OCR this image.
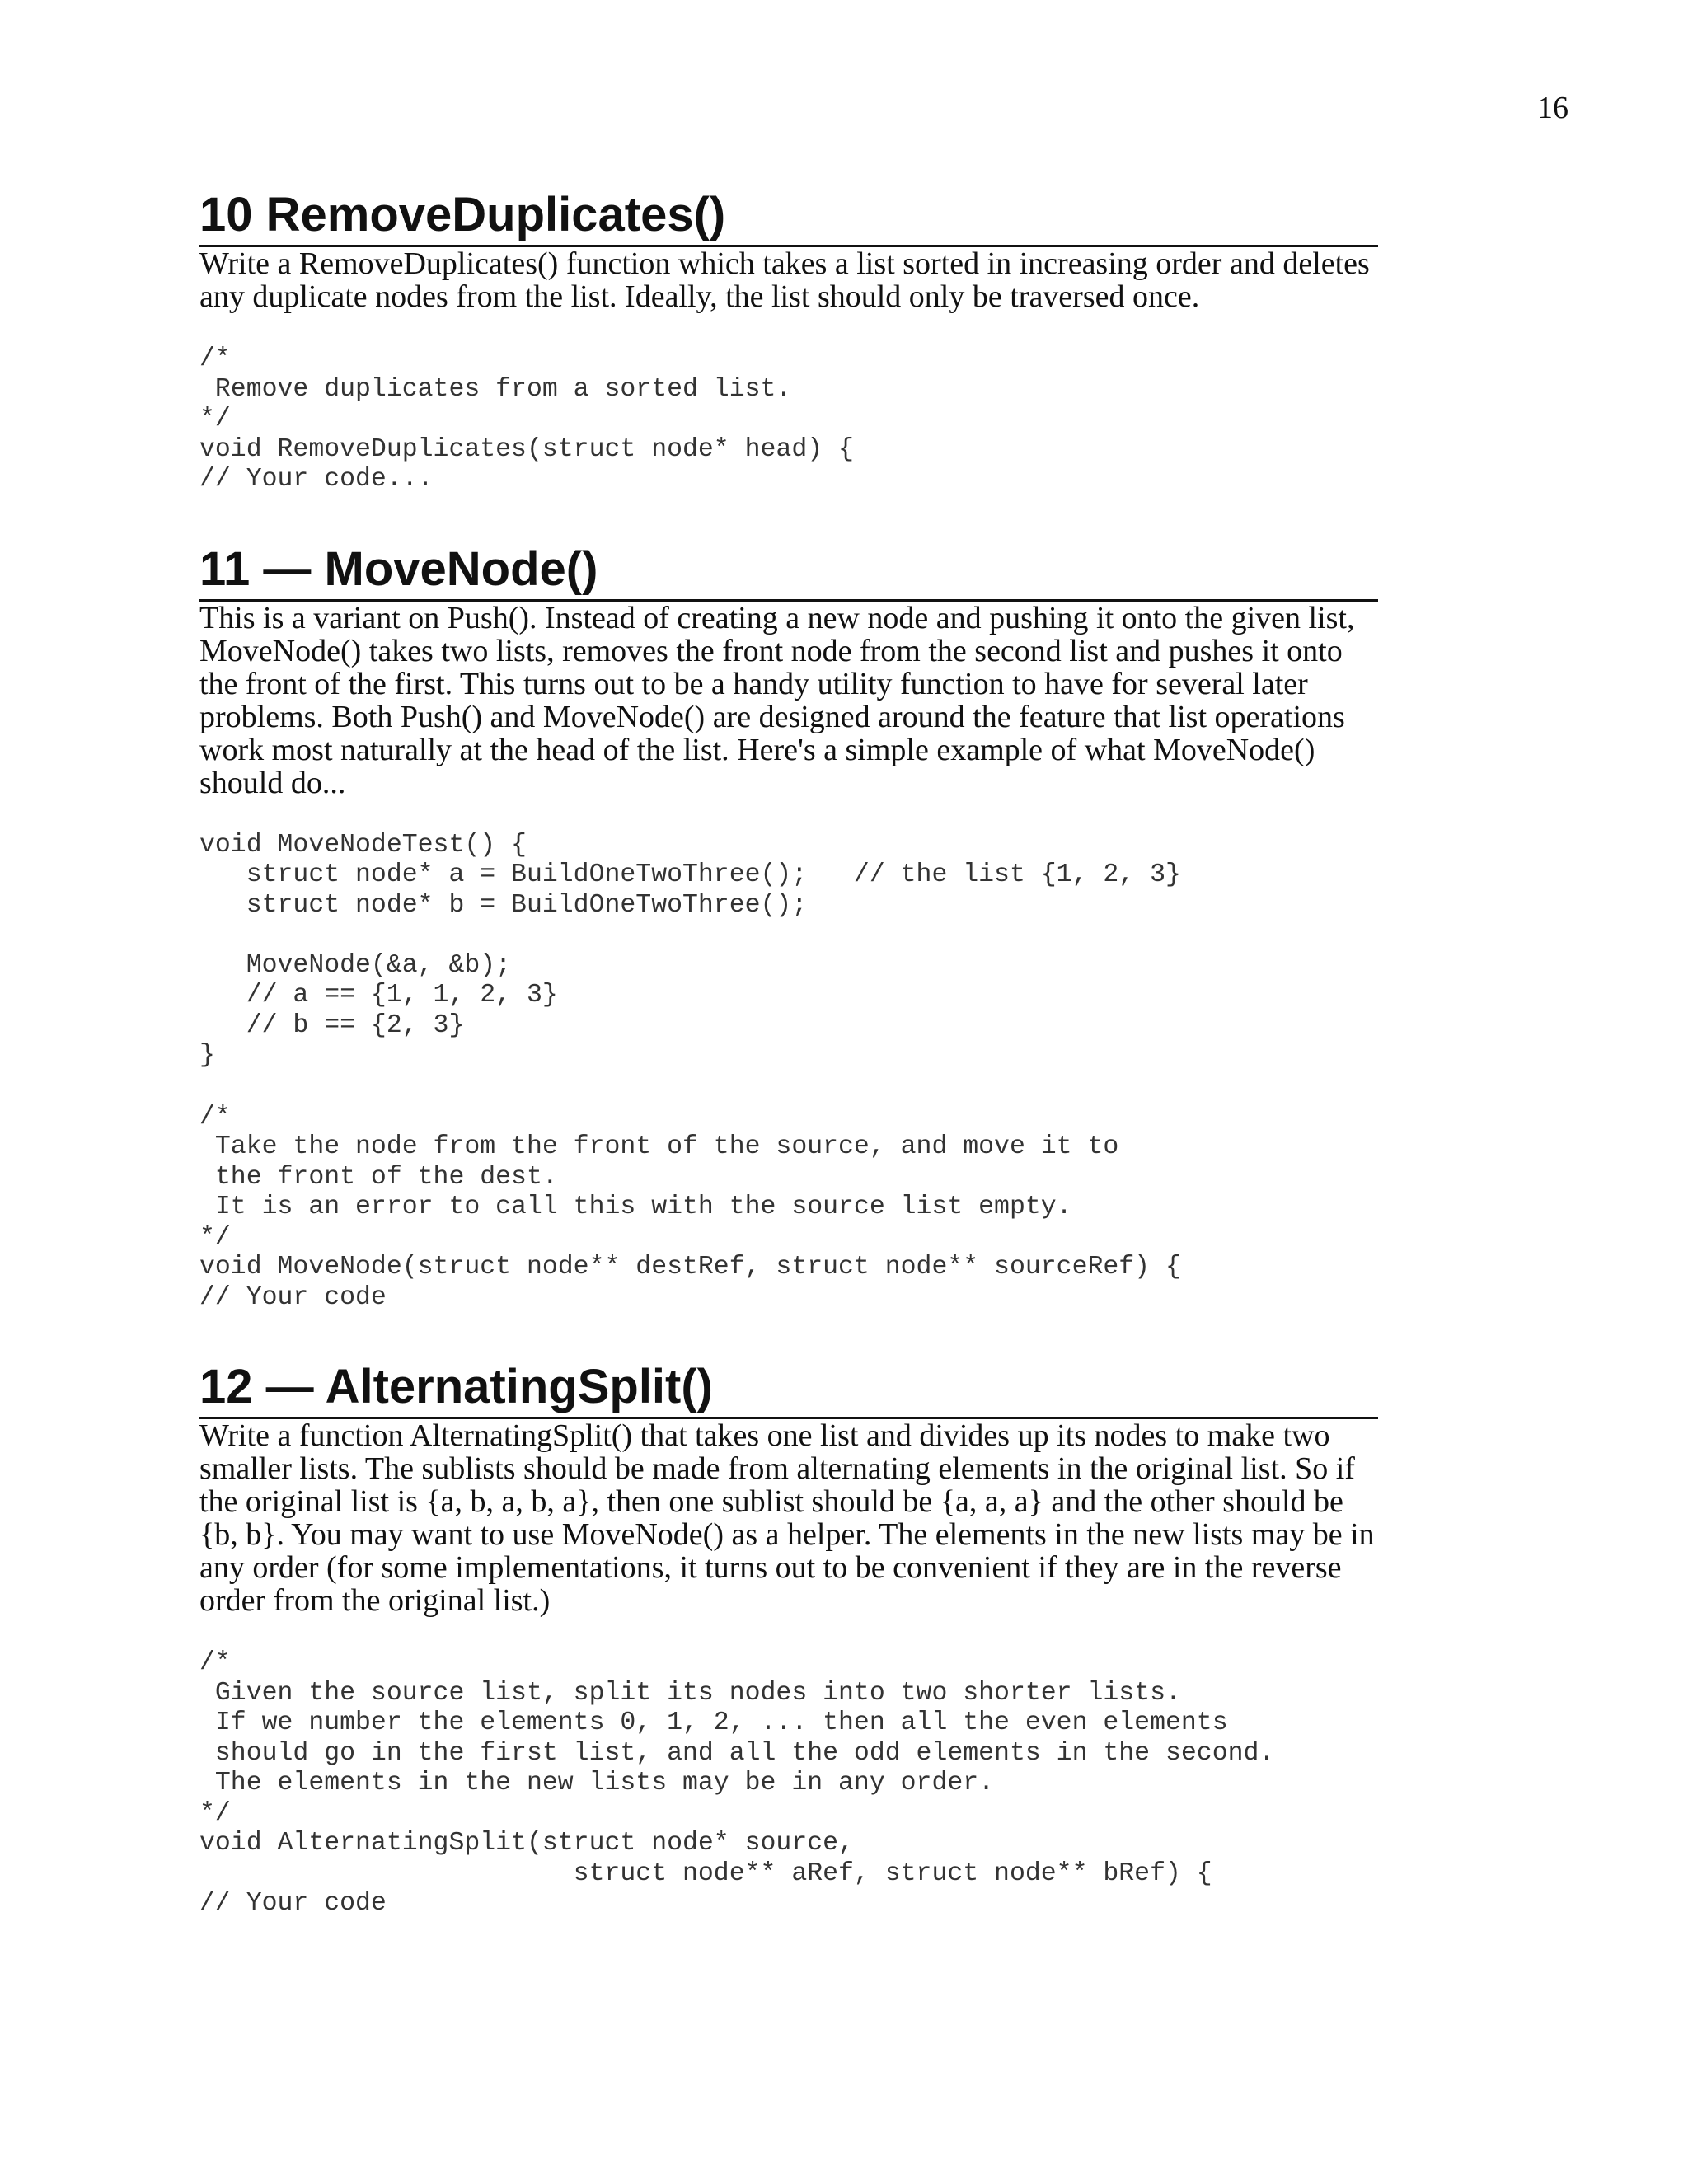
16
10 RemoveDuplicates()

Write a RemoveDuplicates() function which takes a list sorted in increasing order and deletes any duplicate nodes from the list. Ideally, the list should only be traversed once.

/*
Remove duplicates from a sorted list.
*/
void RemoveDuplicates(struct node* head) {
// Your code...
11 — MoveNode()

This is a variant on Push(). Instead of creating a new node and pushing it onto the given list, MoveNode() takes two lists, removes the front node from the second list and pushes it onto the front of the first. This turns out to be a handy utility function to have for several later problems. Both Push() and MoveNode() are designed around the feature that list operations work most naturally at the head of the list. Here's a simple example of what MoveNode() should do...

void MoveNodeTest() {
struct node* a = BuildOneTwoThree();   // the list {1, 2, 3}
struct node* b = BuildOneTwoThree();

MoveNode(&a, &b);
// a == {1, 1, 2, 3}
// b == {2, 3}
}
/*
Take the node from the front of the source, and move it to
the front of the dest.
It is an error to call this with the source list empty.
*/
void MoveNode(struct node** destRef, struct node** sourceRef) {
// Your code
12 — AlternatingSplit()

Write a function AlternatingSplit() that takes one list and divides up its nodes to make two smaller lists. The sublists should be made from alternating elements in the original list. So if the original list is {a, b, a, b, a}, then one sublist should be {a, a, a} and the other should be {b, b}. You may want to use MoveNode() as a helper. The elements in the new lists may be in any order (for some implementations, it turns out to be convenient if they are in the reverse order from the original list.)

/*
Given the source list, split its nodes into two shorter lists.
If we number the elements 0, 1, 2, ... then all the even elements
should go in the first list, and all the odd elements in the second.
The elements in the new lists may be in any order.
*/
void AlternatingSplit(struct node* source,
struct node** aRef, struct node** bRef) {
// Your code
